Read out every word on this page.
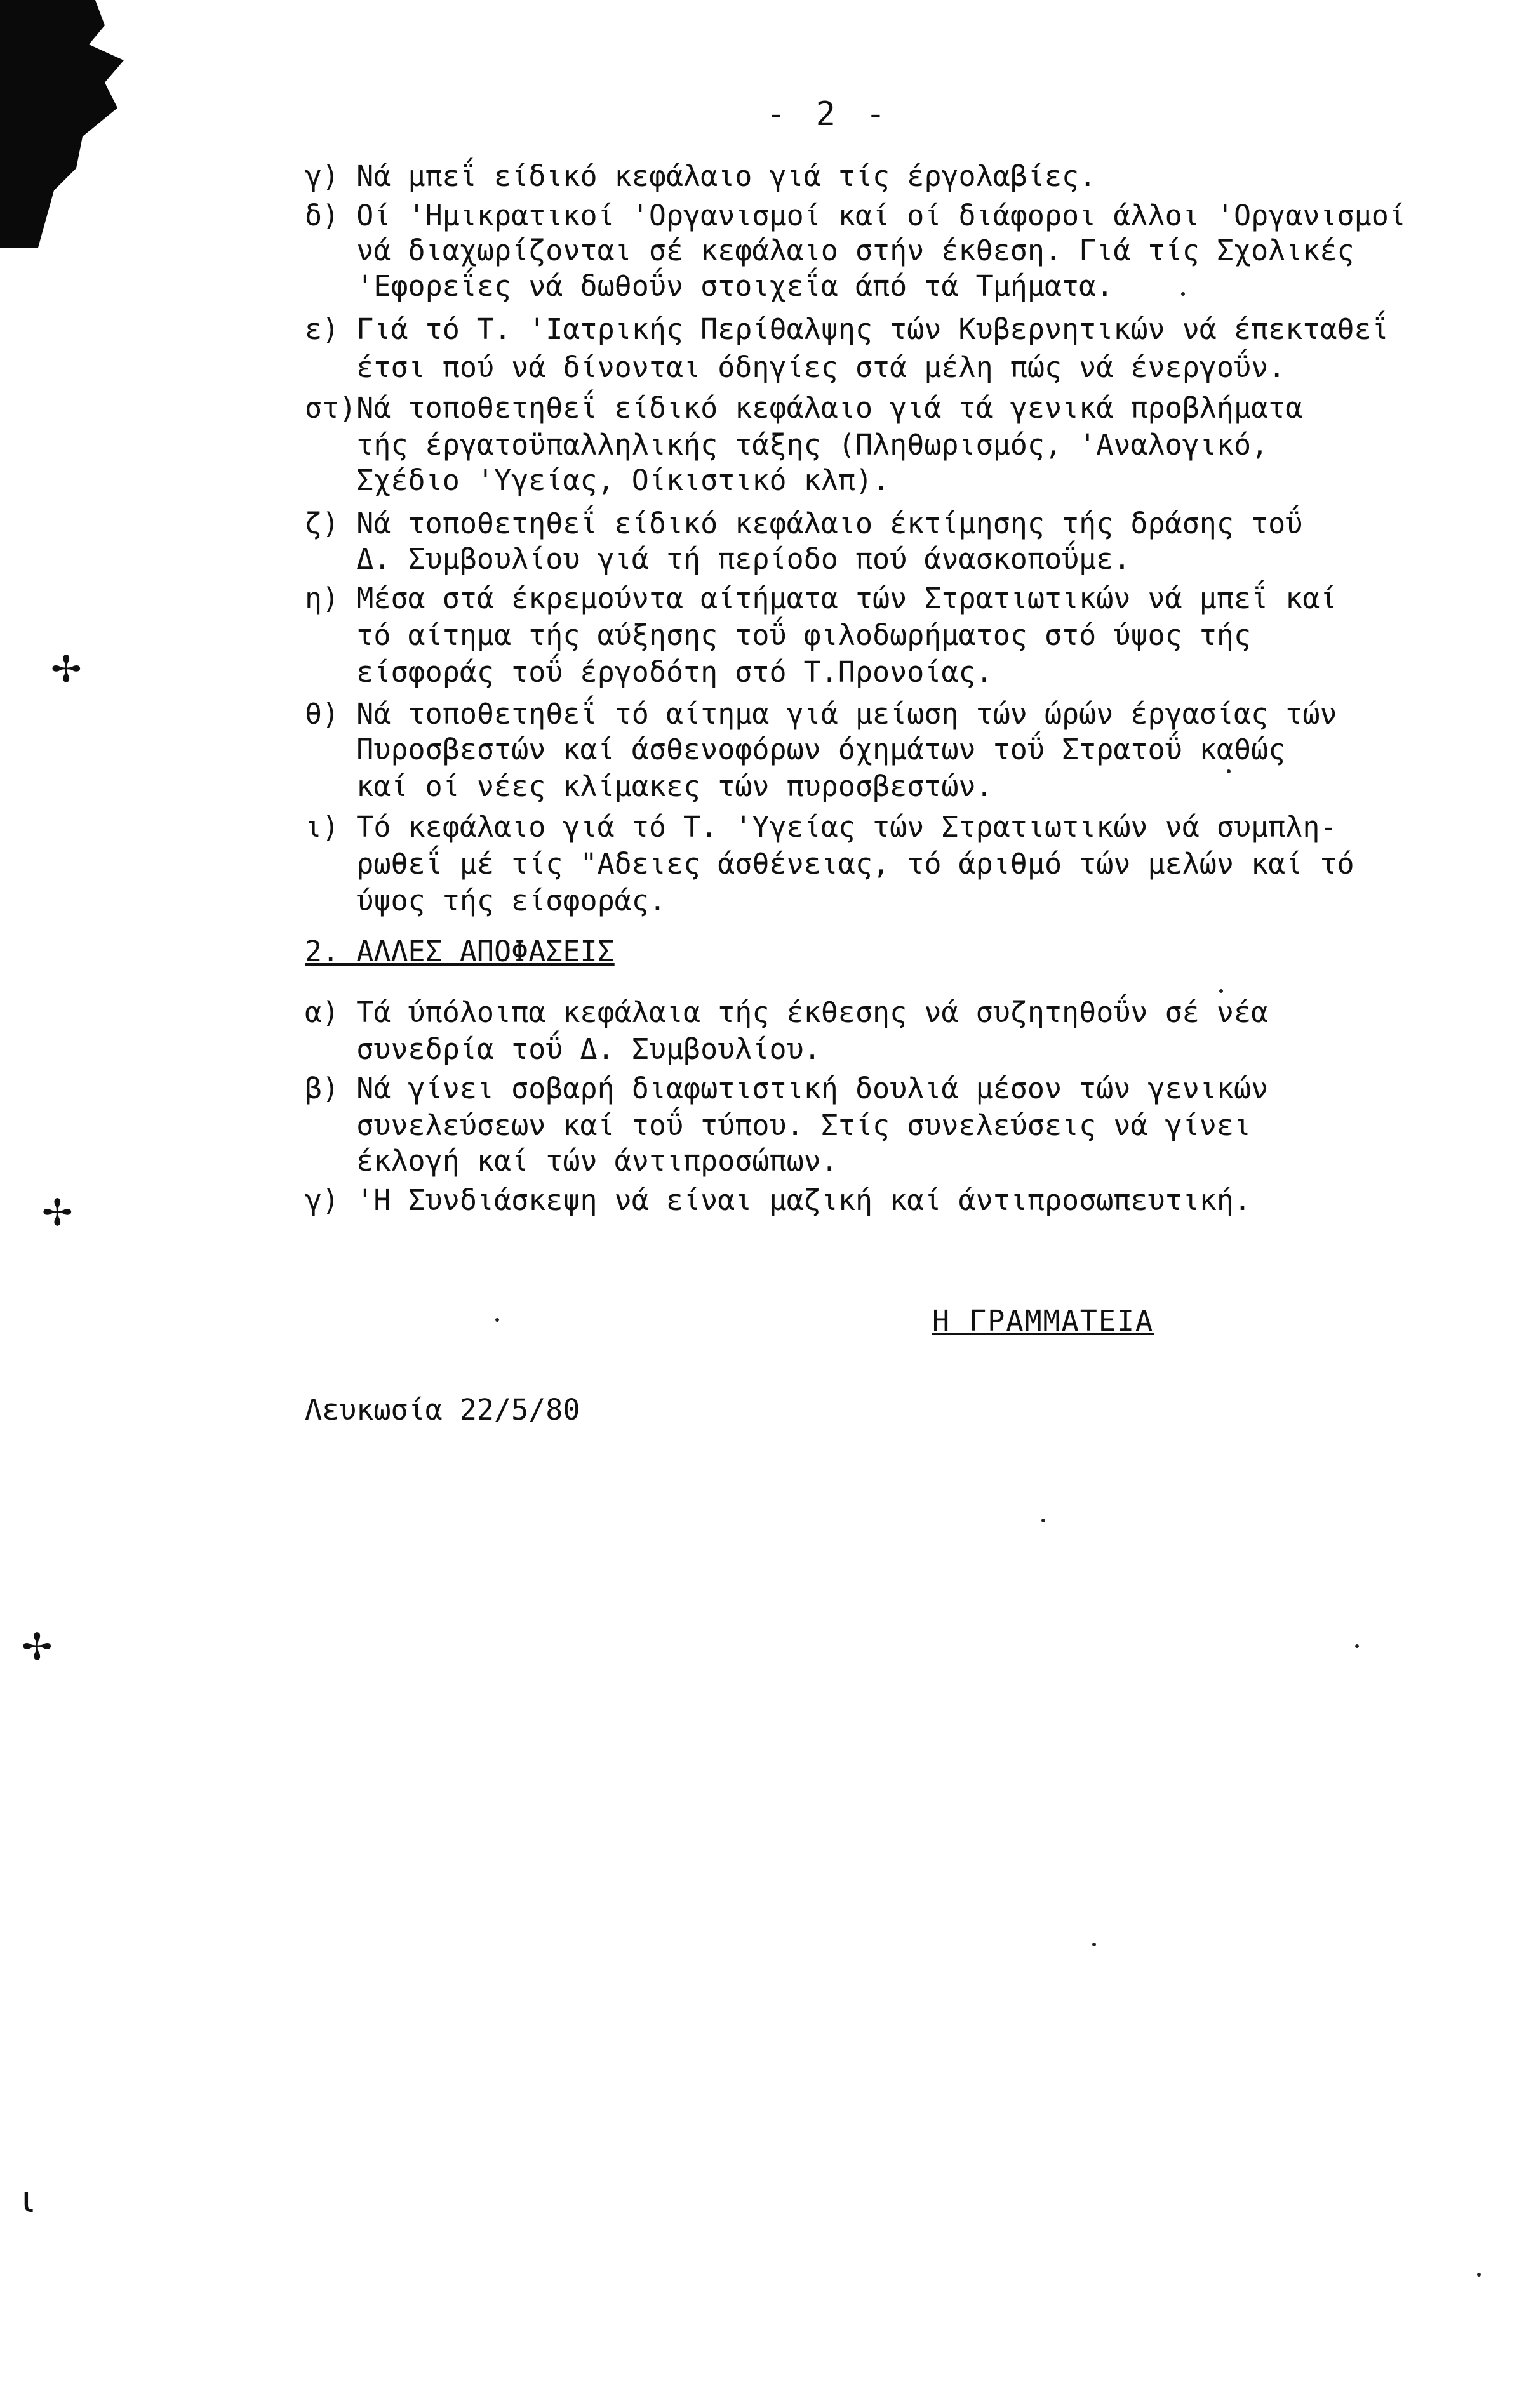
- 2 -
γ) Νά μπεΐ είδικό κεφάλαιο γιά τίς έργολαβίες.
δ) Οί 'Ημικρατικοί 'Οργανισμοί καί οί διάφοροι άλλοι 'Οργανισμοί
νά διαχωρίζονται σέ κεφάλαιο στήν έκθεση. Γιά τίς Σχολικές
'Εφορεΐες νά δωθοΰν στοιχεΐα άπό τά Τμήματα.
ε) Γιά τό Τ. 'Ιατρικής Περίθαλψης τών Κυβερνητικών νά έπεκταθεΐ
έτσι πού νά δίνονται όδηγίες στά μέλη πώς νά ένεργοΰν.
στ)Νά τοποθετηθεΐ είδικό κεφάλαιο γιά τά γενικά προβλήματα
τής έργατοϋπαλληλικής τάξης (Πληθωρισμός, 'Αναλογικό,
Σχέδιο 'Υγείας, Οίκιστικό κλπ).
ζ) Νά τοποθετηθεΐ είδικό κεφάλαιο έκτίμησης τής δράσης τοΰ
Δ. Συμβουλίου γιά τή περίοδο πού άνασκοποΰμε.
η) Μέσα στά έκρεμούντα αίτήματα τών Στρατιωτικών νά μπεΐ καί
τό αίτημα τής αύξησης τοΰ φιλοδωρήματος στό ύψος τής
είσφοράς τοΰ έργοδότη στό Τ.Προνοίας.
θ) Νά τοποθετηθεΐ τό αίτημα γιά μείωση τών ώρών έργασίας τών
Πυροσβεστών καί άσθενοφόρων όχημάτων τοΰ Στρατοΰ καθώς
καί οί νέες κλίμακες τών πυροσβεστών.
ι) Τό κεφάλαιο γιά τό Τ. 'Υγείας τών Στρατιωτικών νά συμπλη-
ρωθεΐ μέ τίς "Αδειες άσθένειας, τό άριθμό τών μελών καί τό
ύψος τής είσφοράς.
2. ΑΛΛΕΣ ΑΠΟΦΑΣΕΙΣ
α) Τά ύπόλοιπα κεφάλαια τής έκθεσης νά συζητηθοΰν σέ νέα
συνεδρία τοΰ Δ. Συμβουλίου.
β) Νά γίνει σοβαρή διαφωτιστική δουλιά μέσον τών γενικών
συνελεύσεων καί τοΰ τύπου. Στίς συνελεύσεις νά γίνει
έκλογή καί τών άντιπροσώπων.
γ) 'Η Συνδιάσκεψη νά είναι μαζική καί άντιπροσωπευτική.
Η ΓΡΑΜΜΑΤΕΙΑ
Λευκωσία 22/5/80
✢
✢
✢
ɩ
